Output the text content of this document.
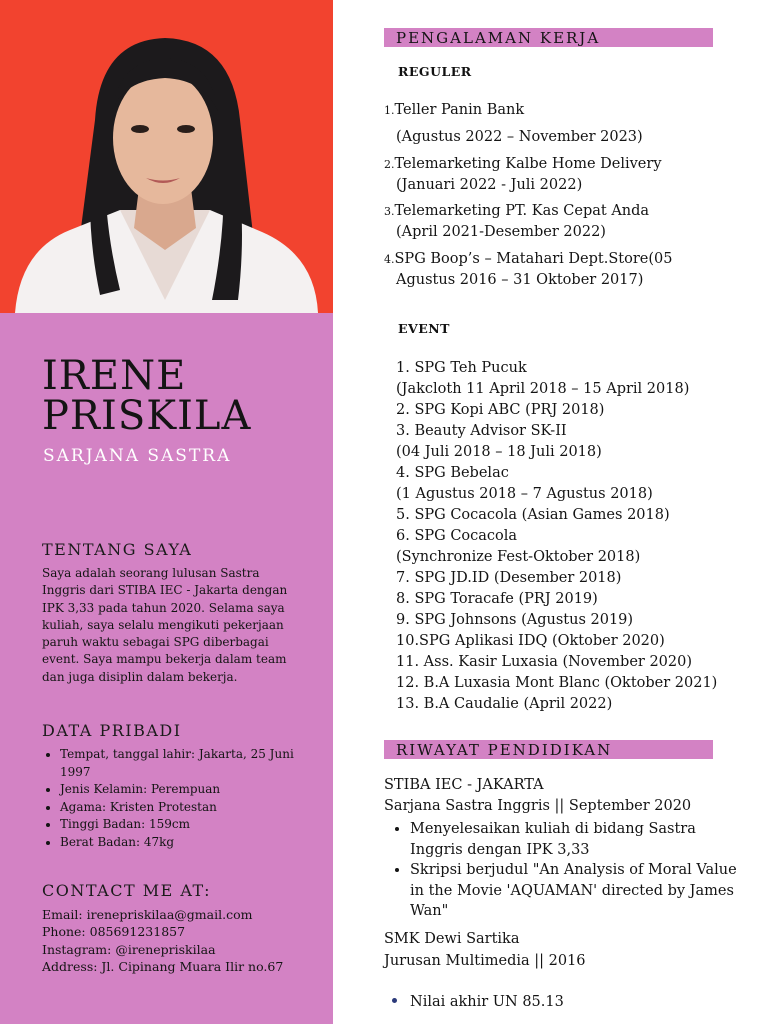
IRENE
PRISKILA
SARJANA SASTRA
TENTANG SAYA
Saya adalah seorang lulusan Sastra Inggris dari STIBA IEC - Jakarta dengan IPK 3,33 pada tahun 2020. Selama saya kuliah, saya selalu mengikuti pekerjaan paruh waktu sebagai SPG diberbagai event. Saya mampu bekerja dalam team dan juga disiplin dalam bekerja.
DATA PRIBADI
• Tempat, tanggal lahir: Jakarta, 25 Juni 1997
• Jenis Kelamin: Perempuan
• Agama: Kristen Protestan
• Tinggi Badan: 159cm
• Berat Badan: 47kg
CONTACT ME AT:
Email: irenepriskilaa@gmail.com
Phone: 085691231857
Instagram: @irenepriskilaa
Address: Jl. Cipinang Muara Ilir no.67
PENGALAMAN KERJA
REGULER
1.Teller Panin Bank
(Agustus 2022 – November 2023)
2.Telemarketing Kalbe Home Delivery
(Januari 2022 - Juli 2022)
3.Telemarketing PT. Kas Cepat Anda
(April 2021-Desember 2022)
4.SPG Boop’s – Matahari Dept.Store(05
Agustus 2016 – 31 Oktober 2017)
EVENT
1. SPG Teh Pucuk
(Jakcloth 11 April 2018 – 15 April 2018)
2. SPG Kopi ABC (PRJ 2018)
3. Beauty Advisor SK-II
(04 Juli 2018 – 18 Juli 2018)
4. SPG Bebelac
(1 Agustus 2018 – 7 Agustus 2018)
5. SPG Cocacola (Asian Games 2018)
6. SPG Cocacola
(Synchronize Fest-Oktober 2018)
7. SPG JD.ID (Desember 2018)
8. SPG Toracafe (PRJ 2019)
9. SPG Johnsons (Agustus 2019)
10.SPG Aplikasi IDQ (Oktober 2020)
11. Ass. Kasir Luxasia (November 2020)
12. B.A Luxasia Mont Blanc (Oktober 2021)
13. B.A Caudalie (April 2022)
RIWAYAT PENDIDIKAN
STIBA IEC - JAKARTA
Sarjana Sastra Inggris || September 2020
• Menyelesaikan kuliah di bidang Sastra Inggris dengan IPK 3,33
• Skripsi berjudul "An Analysis of Moral Value in the Movie 'AQUAMAN' directed by James Wan"
SMK Dewi Sartika
Jurusan Multimedia || 2016
Nilai akhir UN 85.13
